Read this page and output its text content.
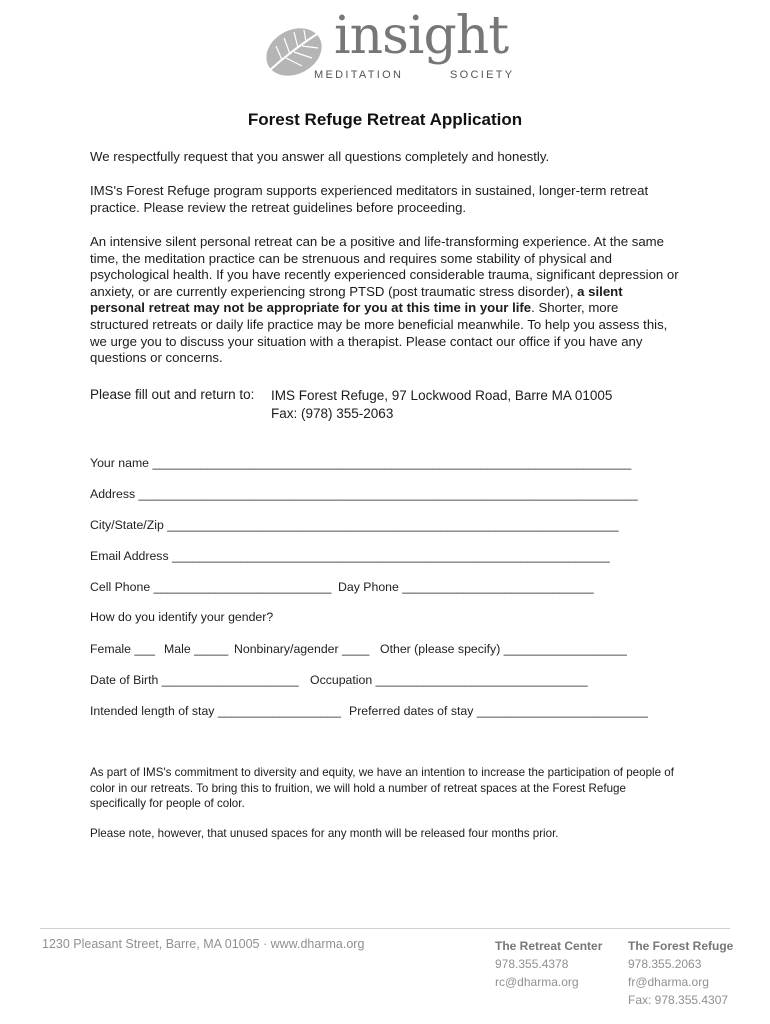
insight
MEDITATION	SOCIETY
Forest Refuge Retreat Application

We respectfully request that you answer all questions completely and honestly.

IMS's Forest Refuge program supports experienced meditators in sustained, longer-term retreat practice. Please review the retreat guidelines before proceeding.

An intensive silent personal retreat can be a positive and life-transforming experience. At the same time, the meditation practice can be strenuous and requires some stability of physical and psychological health. If you have recently experienced considerable trauma, significant depression or anxiety, or are currently experiencing strong PTSD (post traumatic stress disorder), a silent personal retreat may not be appropriate for you at this time in your life. Shorter, more structured retreats or daily life practice may be more beneficial meanwhile. To help you assess this, we urge you to discuss your situation with a therapist. Please contact our office if you have any questions or concerns.

Please fill out and return to: IMS Forest Refuge, 97 Lockwood Road, Barre MA 01005
Fax: (978) 355-2063
Your name ______________________________________________________________________
Address _________________________________________________________________________
City/State/Zip __________________________________________________________________
Email Address ________________________________________________________________
Cell Phone __________________________ Day Phone ____________________________
How do you identify your gender?
Female ___ Male _____ Nonbinary/agender ____ Other (please specify) __________________
Date of Birth ____________________ Occupation _______________________________
Intended length of stay __________________ Preferred dates of stay _________________________

As part of IMS's commitment to diversity and equity, we have an intention to increase the participation of people of color in our retreats. To bring this to fruition, we will hold a number of retreat spaces at the Forest Refuge specifically for people of color.

Please note, however, that unused spaces for any month will be released four months prior.

1230 Pleasant Street, Barre, MA 01005 · www.dharma.org	The Retreat Center
978.355.4378
rc@dharma.org
The Forest Refuge
978.355.2063
fr@dharma.org
Fax: 978.355.4307
